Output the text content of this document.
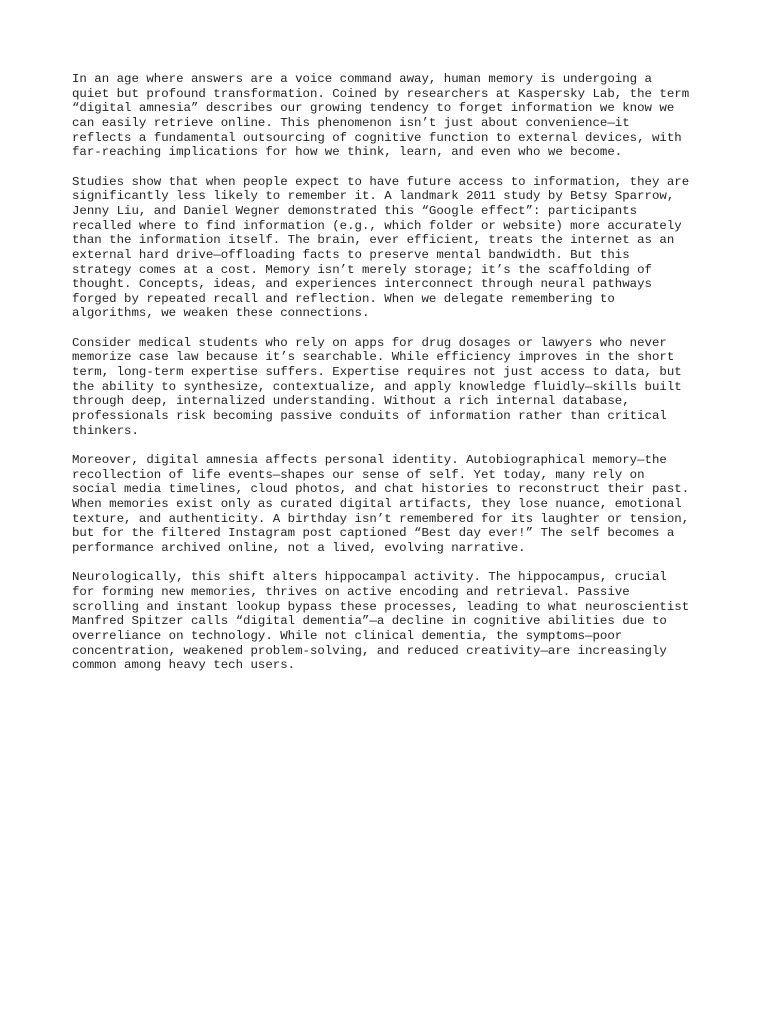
In an age where answers are a voice command away, human memory is undergoing a
quiet but profound transformation. Coined by researchers at Kaspersky Lab, the term
“digital amnesia” describes our growing tendency to forget information we know we
can easily retrieve online. This phenomenon isn’t just about convenience—it
reflects a fundamental outsourcing of cognitive function to external devices, with
far-reaching implications for how we think, learn, and even who we become.

Studies show that when people expect to have future access to information, they are
significantly less likely to remember it. A landmark 2011 study by Betsy Sparrow,
Jenny Liu, and Daniel Wegner demonstrated this “Google effect”: participants
recalled where to find information (e.g., which folder or website) more accurately
than the information itself. The brain, ever efficient, treats the internet as an
external hard drive—offloading facts to preserve mental bandwidth. But this
strategy comes at a cost. Memory isn’t merely storage; it’s the scaffolding of
thought. Concepts, ideas, and experiences interconnect through neural pathways
forged by repeated recall and reflection. When we delegate remembering to
algorithms, we weaken these connections.

Consider medical students who rely on apps for drug dosages or lawyers who never
memorize case law because it’s searchable. While efficiency improves in the short
term, long-term expertise suffers. Expertise requires not just access to data, but
the ability to synthesize, contextualize, and apply knowledge fluidly—skills built
through deep, internalized understanding. Without a rich internal database,
professionals risk becoming passive conduits of information rather than critical
thinkers.

Moreover, digital amnesia affects personal identity. Autobiographical memory—the
recollection of life events—shapes our sense of self. Yet today, many rely on
social media timelines, cloud photos, and chat histories to reconstruct their past.
When memories exist only as curated digital artifacts, they lose nuance, emotional
texture, and authenticity. A birthday isn’t remembered for its laughter or tension,
but for the filtered Instagram post captioned “Best day ever!” The self becomes a
performance archived online, not a lived, evolving narrative.

Neurologically, this shift alters hippocampal activity. The hippocampus, crucial
for forming new memories, thrives on active encoding and retrieval. Passive
scrolling and instant lookup bypass these processes, leading to what neuroscientist
Manfred Spitzer calls “digital dementia”—a decline in cognitive abilities due to
overreliance on technology. While not clinical dementia, the symptoms—poor
concentration, weakened problem-solving, and reduced creativity—are increasingly
common among heavy tech users.
